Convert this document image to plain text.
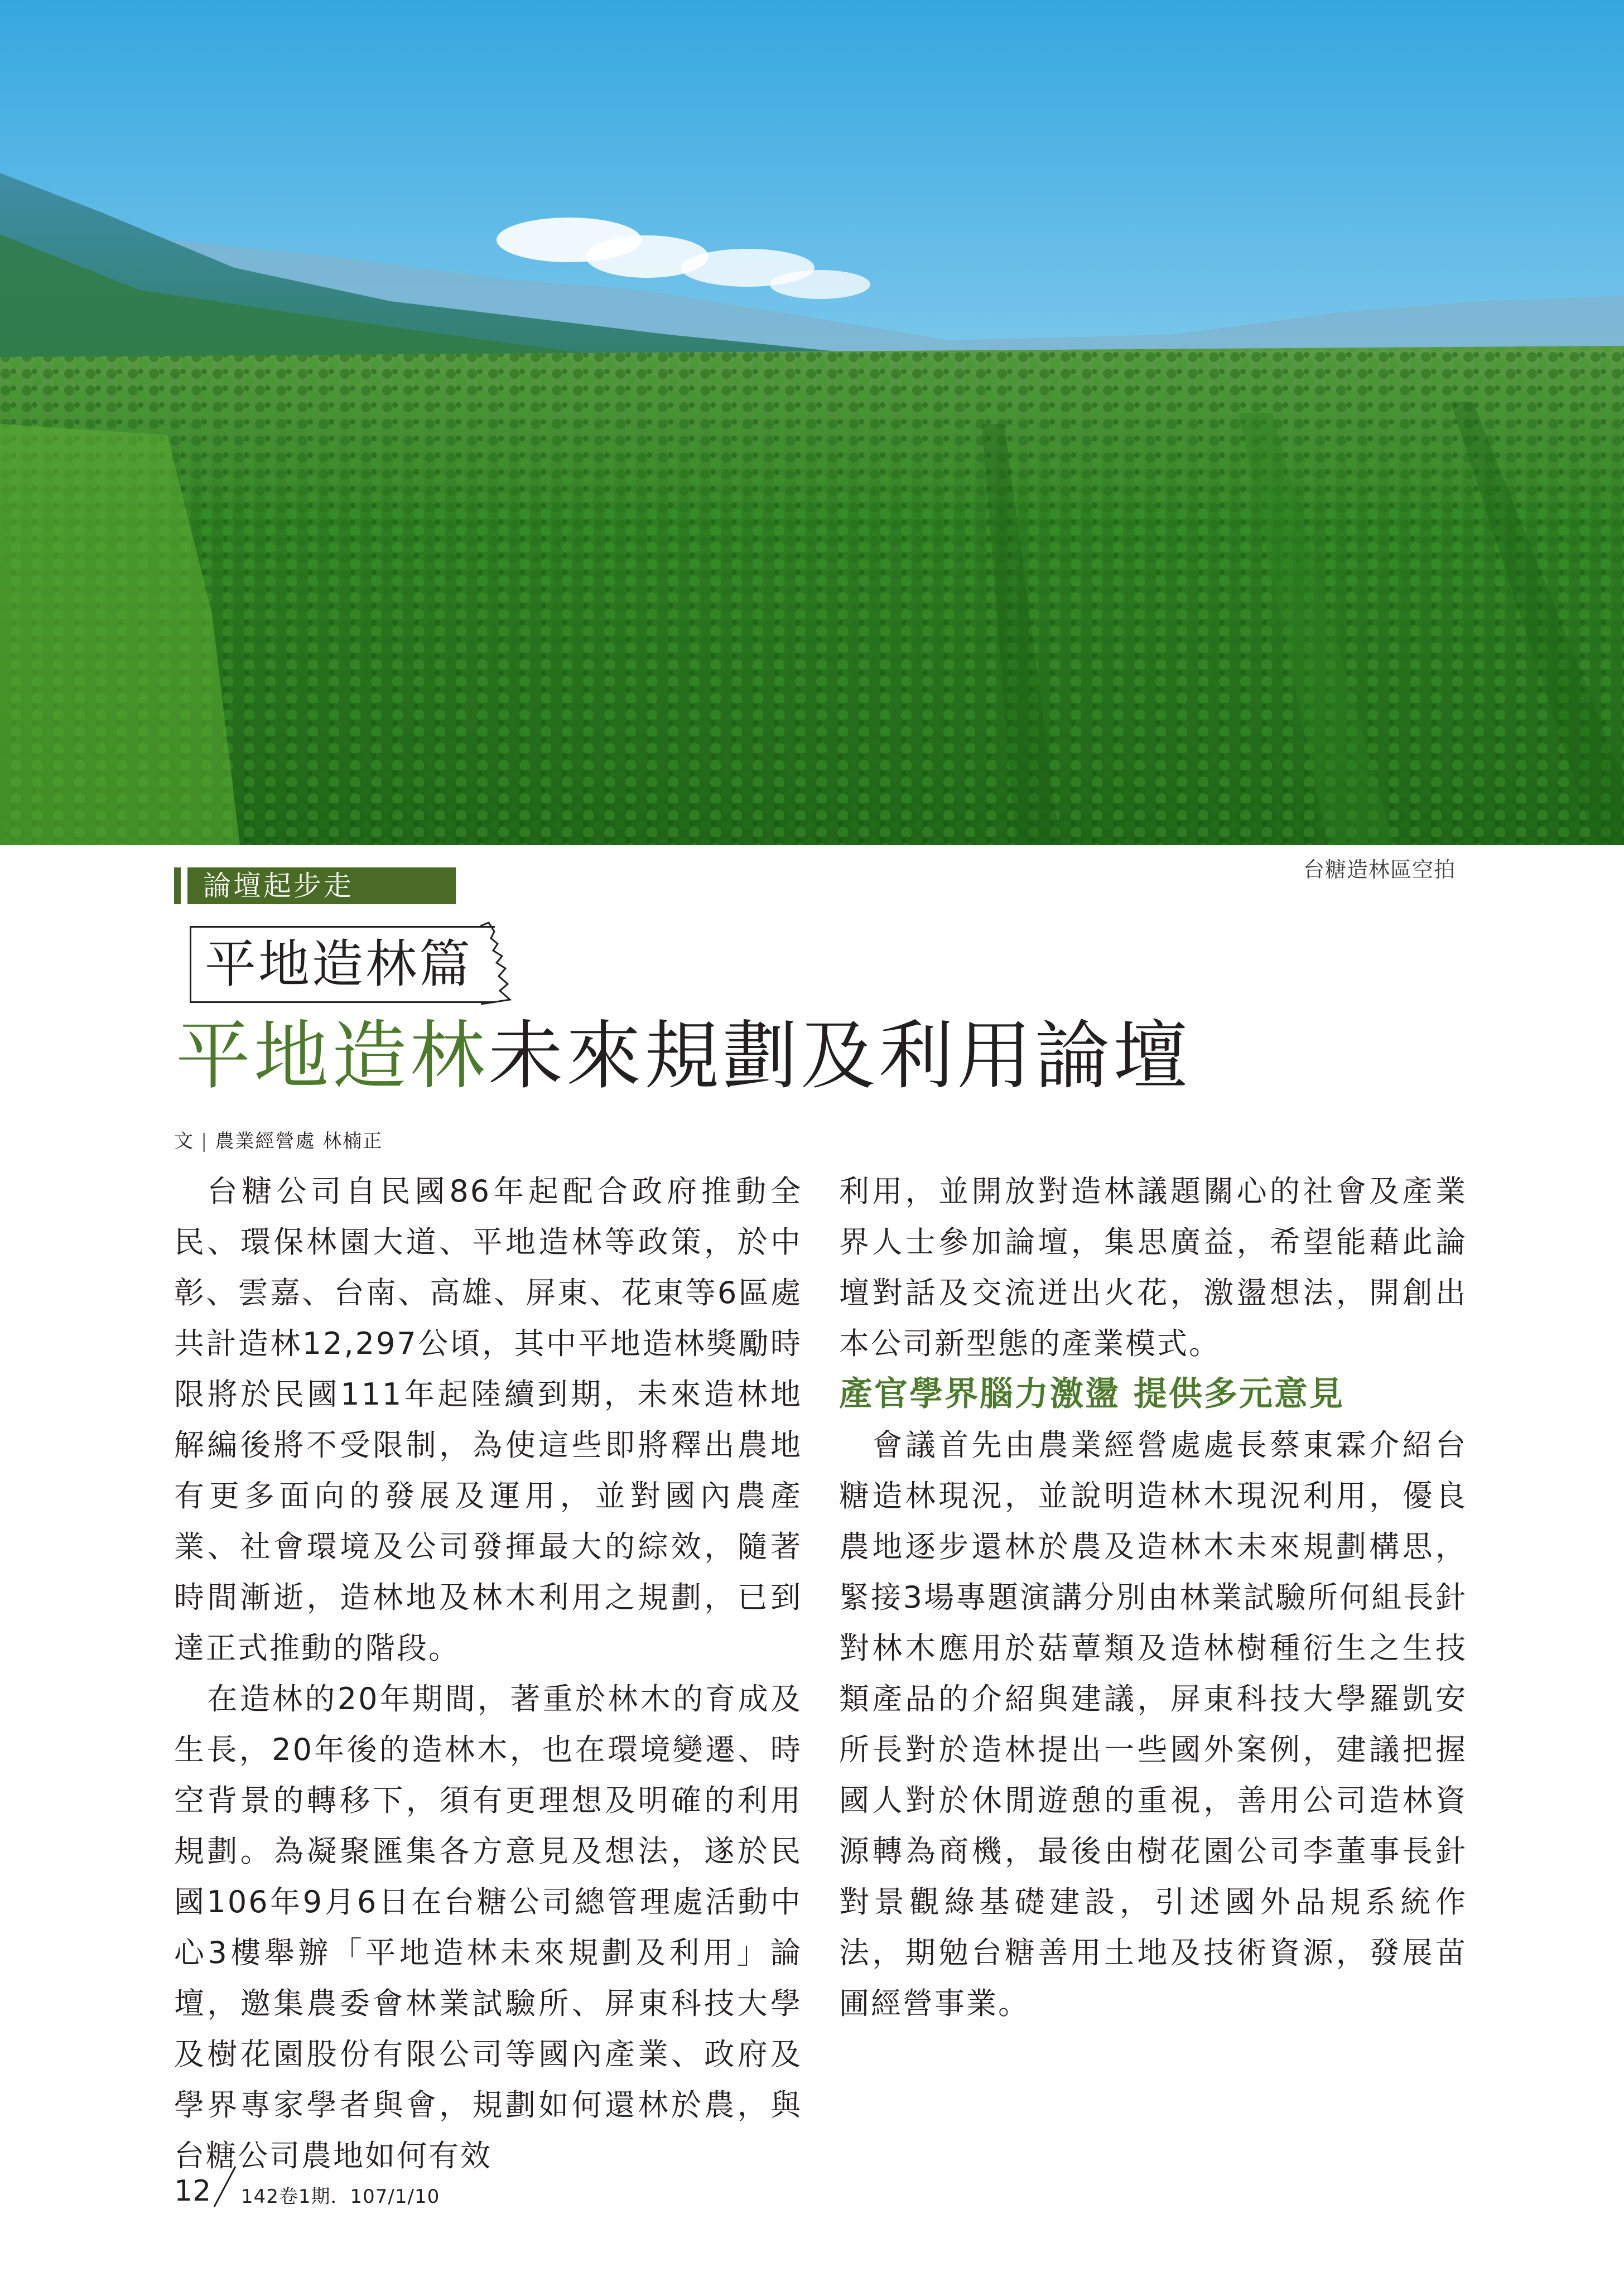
台糖造林區空拍
論壇起步走
平地造林篇
平地造林未來規劃及利用論壇
文 | 農業經營處 林楠正

台糖公司自民國86年起配合政府推動全民、環保林園大道、平地造林等政策，於中彰、雲嘉、台南、高雄、屏東、花東等6區處共計造林12,297公頃，其中平地造林獎勵時限將於民國111年起陸續到期，未來造林地解編後將不受限制，為使這些即將釋出農地有更多面向的發展及運用，並對國內農產業、社會環境及公司發揮最大的綜效，隨著時間漸逝，造林地及林木利用之規劃，已到達正式推動的階段。

在造林的20年期間，著重於林木的育成及生長，20年後的造林木，也在環境變遷、時空背景的轉移下，須有更理想及明確的利用規劃。為凝聚匯集各方意見及想法，遂於民國106年9月6日在台糖公司總管理處活動中心3樓舉辦「平地造林未來規劃及利用」論壇，邀集農委會林業試驗所、屏東科技大學及樹花園股份有限公司等國內產業、政府及學界專家學者與會，規劃如何還林於農，與台糖公司農地如何有效

利用，並開放對造林議題關心的社會及產業界人士參加論壇，集思廣益，希望能藉此論壇對話及交流迸出火花，激盪想法，開創出本公司新型態的產業模式。

產官學界腦力激盪 提供多元意見

會議首先由農業經營處處長蔡東霖介紹台糖造林現況，並說明造林木現況利用，優良農地逐步還林於農及造林木未來規劃構思，緊接3場專題演講分別由林業試驗所何組長針對林木應用於菇蕈類及造林樹種衍生之生技類產品的介紹與建議，屏東科技大學羅凱安所長對於造林提出一些國外案例，建議把握國人對於休閒遊憩的重視，善用公司造林資源轉為商機，最後由樹花園公司李董事長針對景觀綠基礎建設，引述國外品規系統作法，期勉台糖善用土地及技術資源，發展苗圃經營事業。

12 142卷1期．107/1/10
